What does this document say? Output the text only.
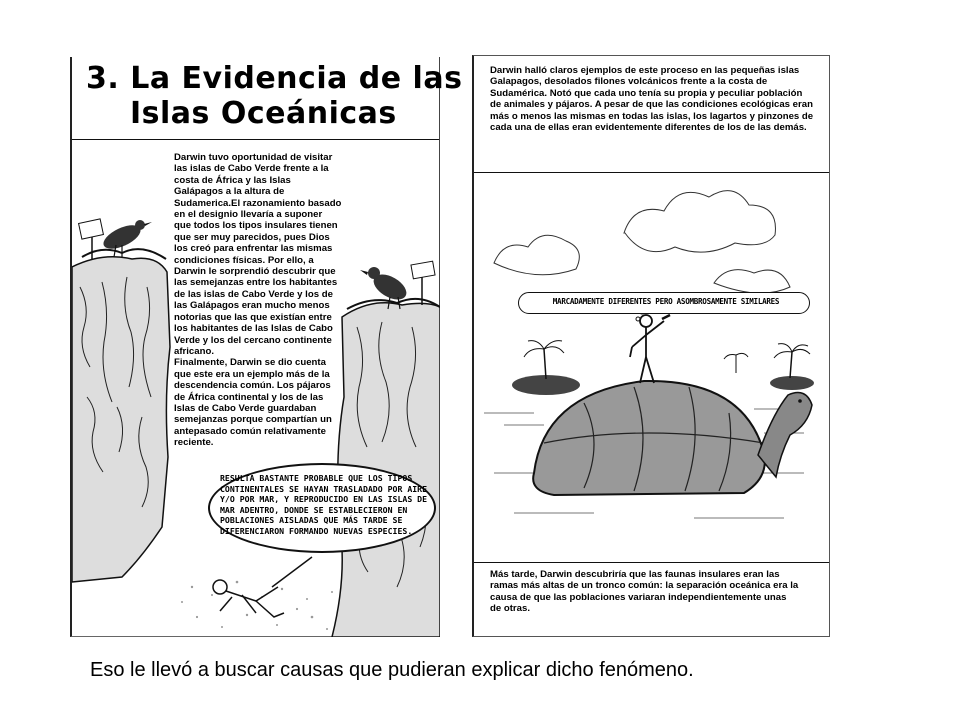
3. La Evidencia de las
Islas Oceánicas
Darwin tuvo oportunidad de visitar
las islas de Cabo Verde frente a la
costa de África y las Islas
Galápagos a la altura de
Sudamerica.El razonamiento basado
en el designio llevaría a suponer
que todos los tipos insulares tienen
que ser muy parecidos, pues Dios
los creó para enfrentar las mismas
condiciones físicas. Por ello, a
Darwin le sorprendió descubrir que
las semejanzas entre los habitantes
de las islas de Cabo Verde y los de
las Galápagos eran mucho menos
notorias que las que existían entre
los habitantes de las Islas de Cabo
Verde y los del cercano continente
africano.
Finalmente, Darwin se dio cuenta
que este era un ejemplo más de la
descendencia común. Los pájaros
de África continental y los de las
Islas de Cabo Verde guardaban
semejanzas porque compartían un
antepasado común relativamente
reciente.
RESULTA BASTANTE PROBABLE QUE LOS TIPOS
CONTINENTALES SE HAYAN TRASLADADO POR AIRE
Y/O POR MAR, Y REPRODUCIDO EN LAS ISLAS DE
MAR ADENTRO, DONDE SE ESTABLECIERON EN
POBLACIONES AISLADAS QUE MÁS TARDE SE
DIFERENCIARON FORMANDO NUEVAS ESPECIES.
Darwin halló claros ejemplos de este proceso en las pequeñas islas
Galapagos, desolados filones volcánicos frente a la costa de
Sudamérica. Notó que cada uno tenía su propia y peculiar población
de animales y pájaros. A pesar de que las condiciones ecológicas eran
más o menos las mismas en todas las islas, los lagartos y pinzones de
cada una de ellas eran evidentemente diferentes de los de las demás.
MARCADAMENTE DIFERENTES PERO ASOMBROSAMENTE SIMILARES
Más tarde, Darwin descubriría que las faunas insulares eran las
ramas más altas de un tronco común: la separación oceánica era la
causa de que las poblaciones variaran independientemente unas
de otras.
Eso le llevó a buscar causas que pudieran explicar dicho fenómeno.
